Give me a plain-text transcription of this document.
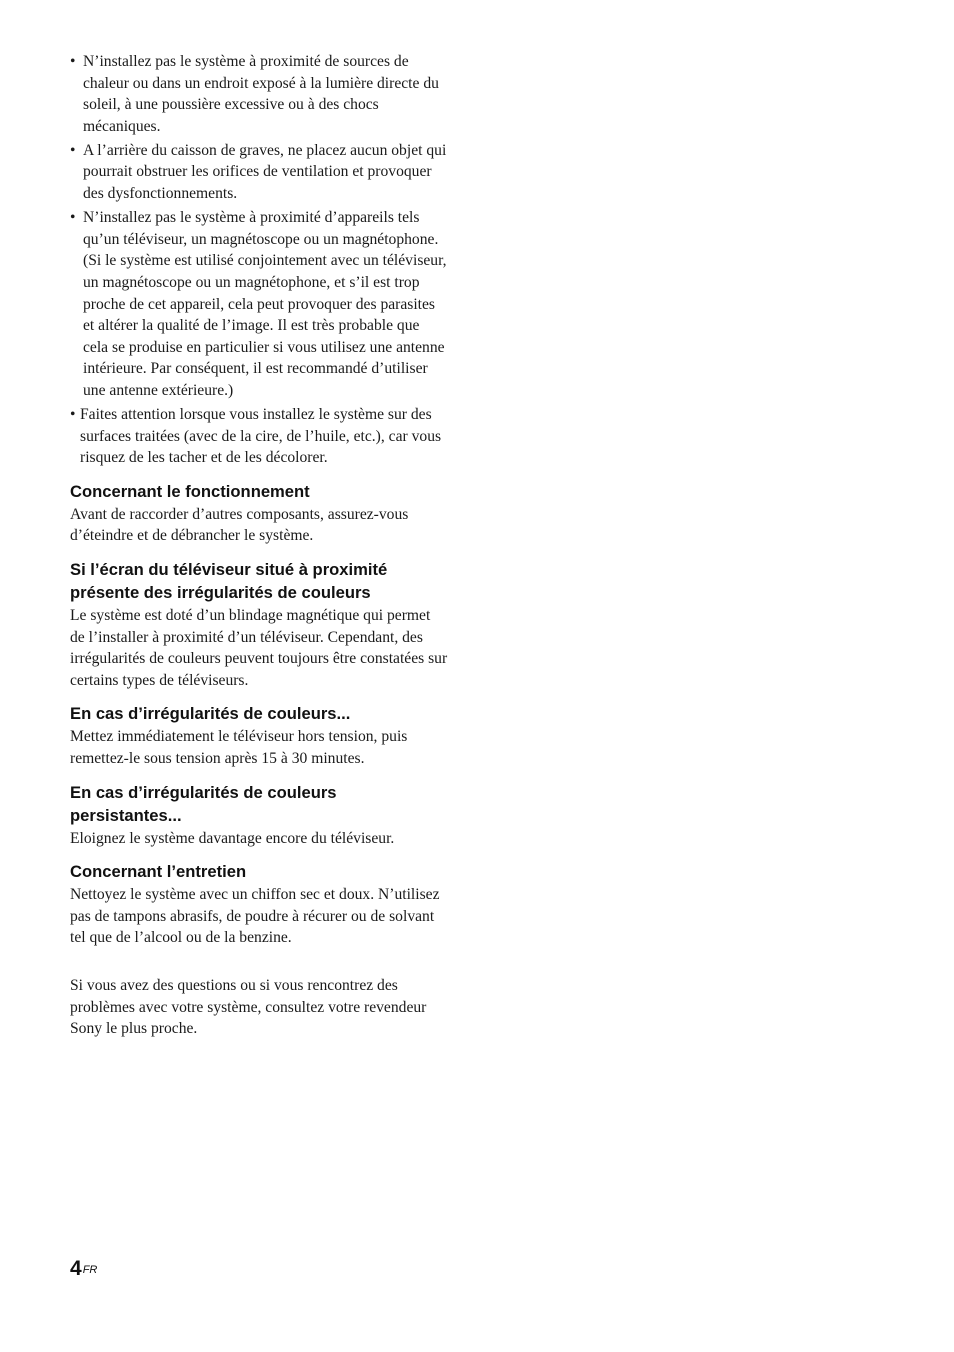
• N’installez pas le système à proximité de sources de chaleur ou dans un endroit exposé à la lumière directe du soleil, à une poussière excessive ou à des chocs mécaniques.
• A l’arrière du caisson de graves, ne placez aucun objet qui pourrait obstruer les orifices de ventilation et provoquer des dysfonctionnements.
• N’installez pas le système à proximité d’appareils tels qu’un téléviseur, un magnétoscope ou un magnétophone. (Si le système est utilisé conjointement avec un téléviseur, un magnétoscope ou un magnétophone, et s’il est trop proche de cet appareil, cela peut provoquer des parasites et altérer la qualité de l’image. Il est très probable que cela se produise en particulier si vous utilisez une antenne intérieure. Par conséquent, il est recommandé d’utiliser une antenne extérieure.)
• Faites attention lorsque vous installez le système sur des surfaces traitées (avec de la cire, de l’huile, etc.), car vous risquez de les tacher et de les décolorer.
Concernant le fonctionnement

Avant de raccorder d’autres composants, assurez-vous d’éteindre et de débrancher le système.

Si l’écran du téléviseur situé à proximité présente des irrégularités de couleurs

Le système est doté d’un blindage magnétique qui permet de l’installer à proximité d’un téléviseur. Cependant, des irrégularités de couleurs peuvent toujours être constatées sur certains types de téléviseurs.

En cas d’irrégularités de couleurs...

Mettez immédiatement le téléviseur hors tension, puis remettez-le sous tension après 15 à 30 minutes.

En cas d’irrégularités de couleurs persistantes...

Eloignez le système davantage encore du téléviseur.

Concernant l’entretien

Nettoyez le système avec un chiffon sec et doux. N’utilisez pas de tampons abrasifs, de poudre à récurer ou de solvant tel que de l’alcool ou de la benzine.

Si vous avez des questions ou si vous rencontrez des problèmes avec votre système, consultez votre revendeur Sony le plus proche.

$4^{FR}$
